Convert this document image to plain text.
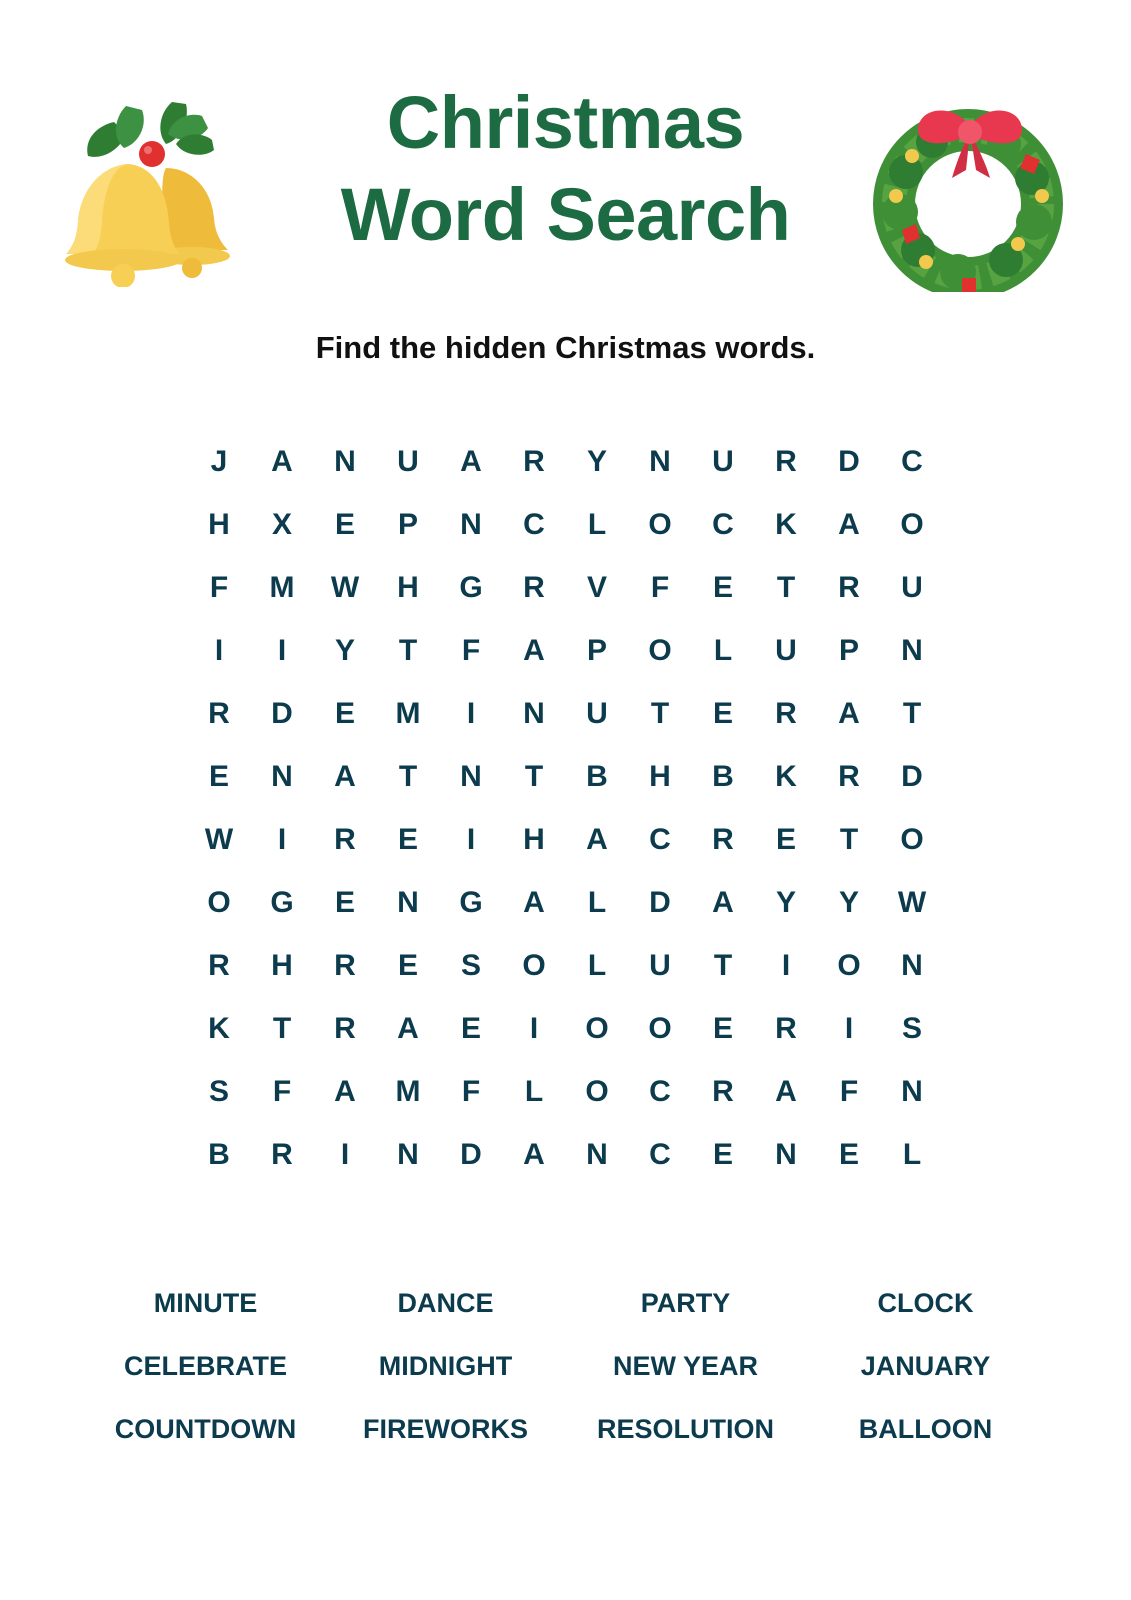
Christmas
Word Search
Find the hidden Christmas words.
J	A	N	U	A	R	Y	N	U	R	D	C
H	X	E	P	N	C	L	O	C	K	A	O
F	M	W	H	G	R	V	F	E	T	R	U
I	I	Y	T	F	A	P	O	L	U	P	N
R	D	E	M	I	N	U	T	E	R	A	T
E	N	A	T	N	T	B	H	B	K	R	D
W	I	R	E	I	H	A	C	R	E	T	O
O	G	E	N	G	A	L	D	A	Y	Y	W
R	H	R	E	S	O	L	U	T	I	O	N
K	T	R	A	E	I	O	O	E	R	I	S
S	F	A	M	F	L	O	C	R	A	F	N
B	R	I	N	D	A	N	C	E	N	E	L
MINUTE
CELEBRATE
COUNTDOWN
DANCE
MIDNIGHT
FIREWORKS
PARTY
NEW YEAR
RESOLUTION
CLOCK
JANUARY
BALLOON
